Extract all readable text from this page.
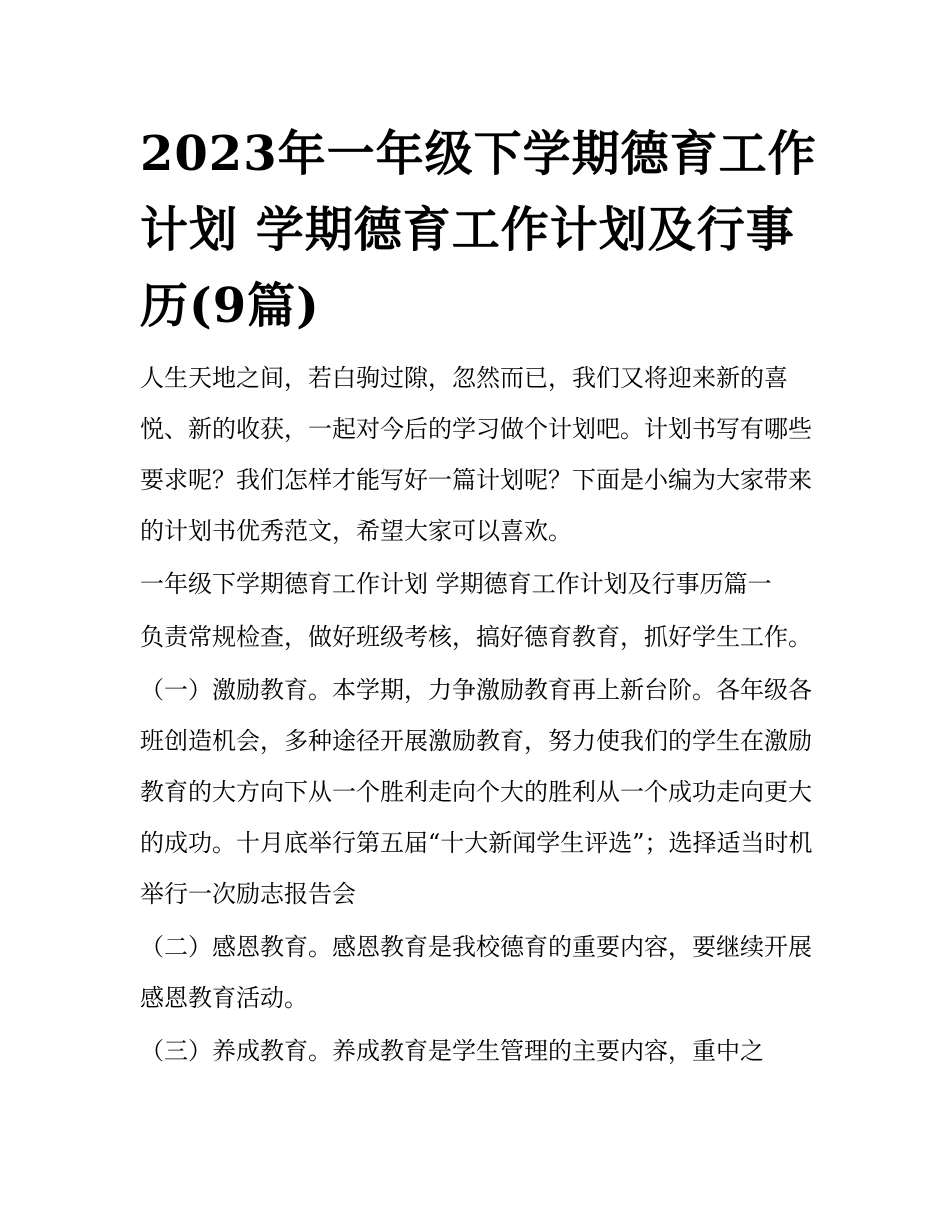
2023年一年级下学期德育工作计划 学期德育工作计划及行事历(9篇)

人生天地之间，若白驹过隙，忽然而已，我们又将迎来新的喜悦、新的收获，一起对今后的学习做个计划吧。计划书写有哪些要求呢？我们怎样才能写好一篇计划呢？下面是小编为大家带来的计划书优秀范文，希望大家可以喜欢。

一年级下学期德育工作计划 学期德育工作计划及行事历篇一

负责常规检查，做好班级考核，搞好德育教育，抓好学生工作。

（一）激励教育。本学期，力争激励教育再上新台阶。各年级各班创造机会，多种途径开展激励教育，努力使我们的学生在激励教育的大方向下从一个胜利走向个大的胜利从一个成功走向更大的成功。十月底举行第五届“十大新闻学生评选”；选择适当时机举行一次励志报告会

（二）感恩教育。感恩教育是我校德育的重要内容，要继续开展感恩教育活动。

（三）养成教育。养成教育是学生管理的主要内容，重中之
